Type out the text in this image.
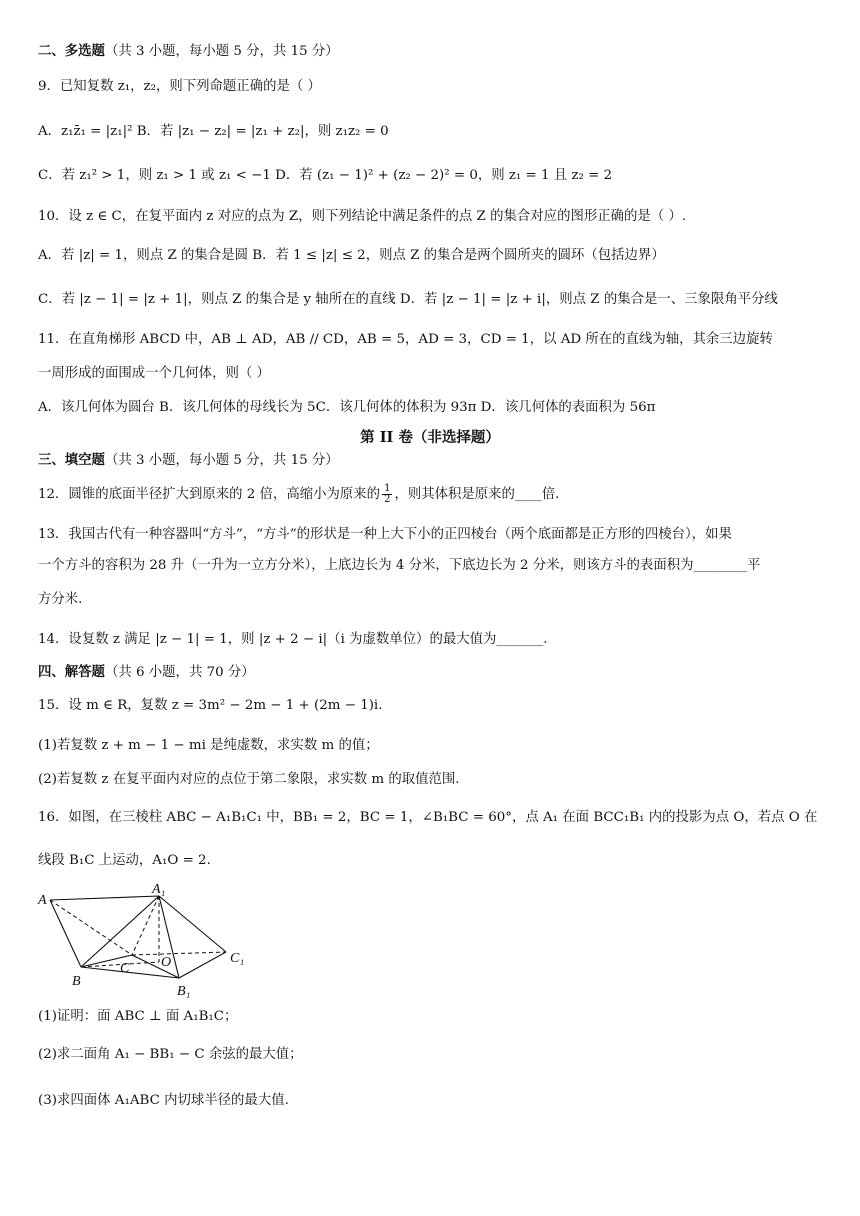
二、多选题（共 3 小题，每小题 5 分，共 15 分）
9．已知复数 z₁，z₂，则下列命题正确的是（ ）
A．z₁z̄₁ = |z₁|² B．若 |z₁ − z₂| = |z₁ + z₂|，则 z₁z₂ = 0
C．若 z₁² > 1，则 z₁ > 1 或 z₁ < −1 D．若 (z₁ − 1)² + (z₂ − 2)² = 0，则 z₁ = 1 且 z₂ = 2
10．设 z ∈ C，在复平面内 z 对应的点为 Z，则下列结论中满足条件的点 Z 的集合对应的图形正确的是（ ）.
A．若 |z| = 1，则点 Z 的集合是圆 B．若 1 ≤ |z| ≤ 2，则点 Z 的集合是两个圆所夹的圆环（包括边界）
C．若 |z − 1| = |z + 1|，则点 Z 的集合是 y 轴所在的直线 D．若 |z − 1| = |z + i|，则点 Z 的集合是一、三象限角平分线
11．在直角梯形 ABCD 中，AB ⊥ AD，AB // CD，AB = 5，AD = 3，CD = 1，以 AD 所在的直线为轴，其余三边旋转
一周形成的面围成一个几何体，则（ ）
A．该几何体为圆台 B．该几何体的母线长为 5C．该几何体的体积为 93π D．该几何体的表面积为 56π
第 II 卷（非选择题）
三、填空题（共 3 小题，每小题 5 分，共 15 分）
12．圆锥的底面半径扩大到原来的 2 倍，高缩小为原来的 $\frac{1}{2}$ ，则其体积是原来的____倍.
13．我国古代有一种容器叫“方斗”，“方斗”的形状是一种上大下小的正四棱台（两个底面都是正方形的四棱台），如果
一个方斗的容积为 28 升（一升为一立方分米），上底边长为 4 分米，下底边长为 2 分米，则该方斗的表面积为________平
方分米.
14．设复数 z 满足 |z − 1| = 1，则 |z + 2 − i|（i 为虚数单位）的最大值为_______.
四、解答题（共 6 小题，共 70 分）
15．设 m ∈ R，复数 z = 3m² − 2m − 1 + (2m − 1)i.
(1)若复数 z + m − 1 − mi 是纯虚数，求实数 m 的值；
(2)若复数 z 在复平面内对应的点位于第二象限，求实数 m 的取值范围.
16．如图，在三棱柱 ABC − A₁B₁C₁ 中，BB₁ = 2，BC = 1，∠B₁BC = 60°，点 A₁ 在面 BCC₁B₁ 内的投影为点 O，若点 O 在
线段 B₁C 上运动，A₁O = 2.
A
A₁
B
B₁
C
C₁
O
(1)证明：面 ABC ⊥ 面 A₁B₁C；
(2)求二面角 A₁ − BB₁ − C 余弦的最大值；
(3)求四面体 A₁ABC 内切球半径的最大值.
